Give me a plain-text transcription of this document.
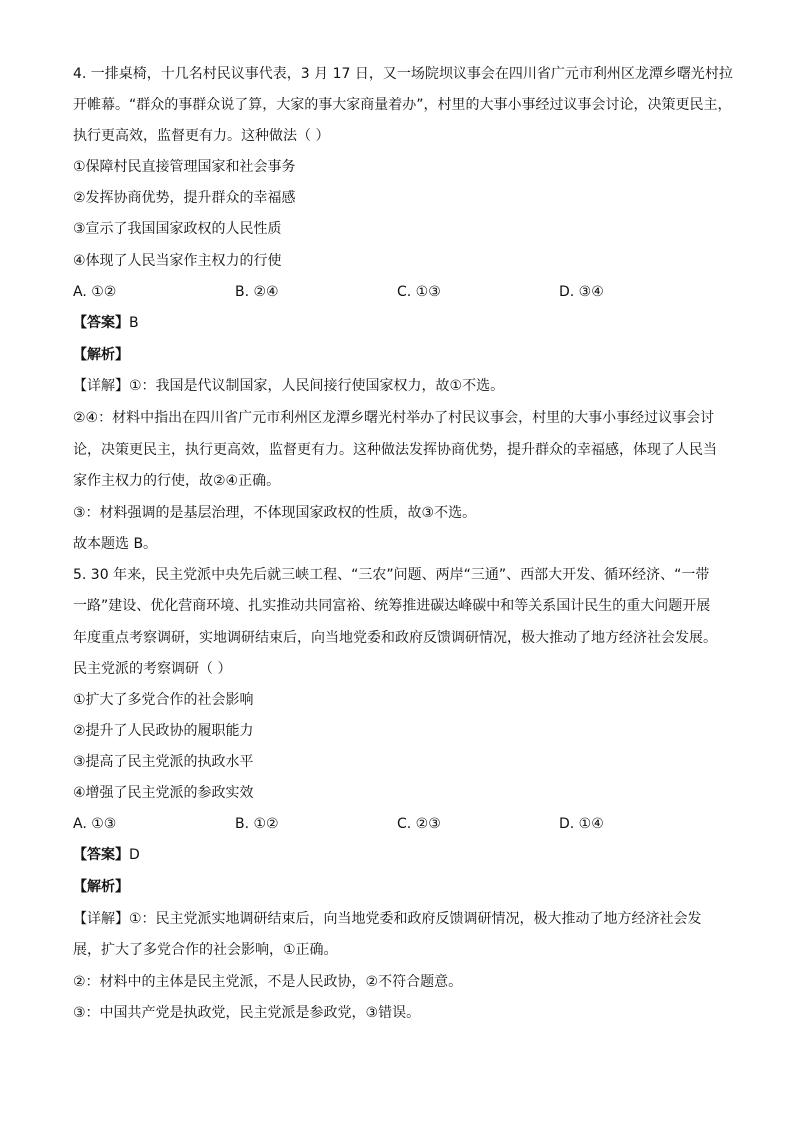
4. 一排桌椅，十几名村民议事代表，3 月 17 日，又一场院坝议事会在四川省广元市利州区龙潭乡曙光村拉
开帷幕。“群众的事群众说了算，大家的事大家商量着办”，村里的大事小事经过议事会讨论，决策更民主，
执行更高效，监督更有力。这种做法（ ）
①保障村民直接管理国家和社会事务
②发挥协商优势，提升群众的幸福感
③宣示了我国国家政权的人民性质
④体现了人民当家作主权力的行使
A. ①②	B. ②④	C. ①③	D. ③④
【答案】B
【解析】
【详解】①：我国是代议制国家，人民间接行使国家权力，故①不选。
②④：材料中指出在四川省广元市利州区龙潭乡曙光村举办了村民议事会，村里的大事小事经过议事会讨
论，决策更民主，执行更高效，监督更有力。这种做法发挥协商优势，提升群众的幸福感，体现了人民当
家作主权力的行使，故②④正确。
③：材料强调的是基层治理，不体现国家政权的性质，故③不选。
故本题选 B。
5. 30 年来，民主党派中央先后就三峡工程、“三农”问题、两岸“三通”、西部大开发、循环经济、“一带
一路”建设、优化营商环境、扎实推动共同富裕、统筹推进碳达峰碳中和等关系国计民生的重大问题开展
年度重点考察调研，实地调研结束后，向当地党委和政府反馈调研情况，极大推动了地方经济社会发展。
民主党派的考察调研（ ）
①扩大了多党合作的社会影响
②提升了人民政协的履职能力
③提高了民主党派的执政水平
④增强了民主党派的参政实效
A. ①③	B. ①②	C. ②③	D. ①④
【答案】D
【解析】
【详解】①：民主党派实地调研结束后，向当地党委和政府反馈调研情况，极大推动了地方经济社会发
展，扩大了多党合作的社会影响，①正确。
②：材料中的主体是民主党派，不是人民政协，②不符合题意。
③：中国共产党是执政党，民主党派是参政党，③错误。
